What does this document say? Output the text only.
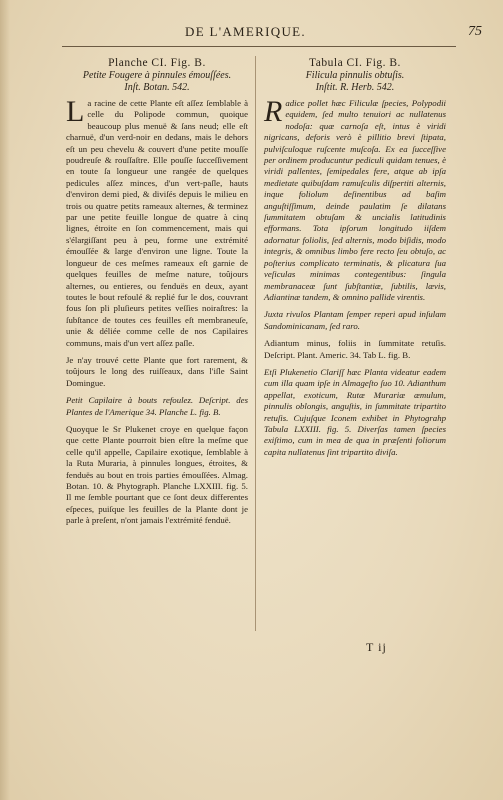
DE L'AMERIQUE.	75
Planche CI. Fig. B.
Petite Fougere à pinnules émouſſées.
Inſt. Botan. 542.

La racine de cette Plante eſt aſſez ſemblable à celle du Polipode commun, quoique beaucoup plus menuë & ſans neud; elle eſt charnuë, d'un verd-noir en dedans, mais le dehors eſt un peu chevelu & couvert d'une petite mouſſe poudreuſe & rouſſaſtre. Elle pouſſe ſucceſſivement en toute ſa longueur une rangée de quelques pedicules aſſez minces, d'un vert-paſle, hauts d'environ demi pied, & diviſés depuis le milieu en trois ou quatre petits rameaux alternes, & terminez par une petite feuille longue de quatre à cinq lignes, étroite en ſon commencement, mais qui s'élargiſſant peu à peu, forme une extrémité émouſſée & large d'environ une ligne. Toute la longueur de ces meſmes rameaux eſt garnie de quelques feuilles de meſme nature, toûjours alternes, ou entieres, ou fenduës en deux, ayant toutes le bout refoulé & replié fur le dos, couvrant fous ſon pli pluſieurs petites veſſies noiraſtres: la ſubſtance de toutes ces feuilles eſt membraneuſe, unie & déliée comme celle de nos Capilaires communs, mais d'un vert aſſez paſle.

Je n'ay trouvé cette Plante que fort rarement, & toûjours le long des ruiſſeaux, dans l'iſle Saint Domingue.

Petit Capilaire à bouts refoulez. Deſcript. des Plantes de l'Amerique 34. Planche L. fig. B.

Quoyque le Sr Plukenet croye en quelque façon que cette Plante pourroit bien eſtre la meſme que celle qu'il appelle, Capilaire exotique, ſemblable à la Ruta Muraria, à pinnules longues, étroites, & fenduës au bout en trois parties émouſſées. Almag. Botan. 10. & Phytograph. Planche LXXIII. fig. 5. Il me ſemble pourtant que ce ſont deux differentes eſpeces, puiſque les feuilles de la Plante dont je parle à preſent, n'ont jamais l'extrémité fenduë.

Tabula CI. Fig. B.
Filicula pinnulis obtuſis.
Inſtit. R. Herb. 542.

Radice pollet hæc Filiculæ ſpecies, Polypodii equidem, ſed multo tenuiori ac nullatenus nodoſa: quæ carnoſa eſt, intus è viridi nigricans, deforis verò è pillitio brevi ſtipata, pulviſculoque ruſcente muſcoſa. Ex ea ſucceſſive per ordinem producuntur pediculi quidam tenues, è viridi pallentes, ſemipedales fere, atque ab ipſa medietate quibuſdam ramuſculis diſpertiti alternis, inque foliolum deſinentibus ad baſim anguſtiſſimum, deinde paulatim ſe dilatans ſummitatem obtuſam & uncialis latitudinis efformans. Tota ipſorum longitudo iiſdem adornatur foliolis, ſed alternis, modo biſidis, modo integris, & omnibus limbo fere recto ſeu obtuſo, ac poſterius complicato terminatis, & plicatura ſua veſiculas minimas contegentibus: ſingula membranaceæ ſunt ſubſtantiæ, ſubtilis, lævis, Adiantinæ tandem, & omnino pallide virentis.

Juxta rivulos Plantam ſemper reperi apud inſulam Sandominicanam, ſed raro.

Adiantum minus, foliis in ſummitate retuſis. Deſcript. Plant. Americ. 34. Tab L. fig. B.

Etſi Plukenetio Clariſſ hæc Planta videatur eadem cum illa quam ipſe in Almageſto ſuo 10. Adianthum appellat, exoticum, Rutæ Murariæ æmulum, pinnulis oblongis, anguſtis, in ſummitate tripartito retuſis. Cujuſque Iconem exhibet in Phytograhp Tabula LXXIII. fig. 5. Diverſas tamen ſpecies exiſtimo, cum in mea de qua in præſenti foliorum capita nullatenus ſint tripartito diviſa.

T ij
